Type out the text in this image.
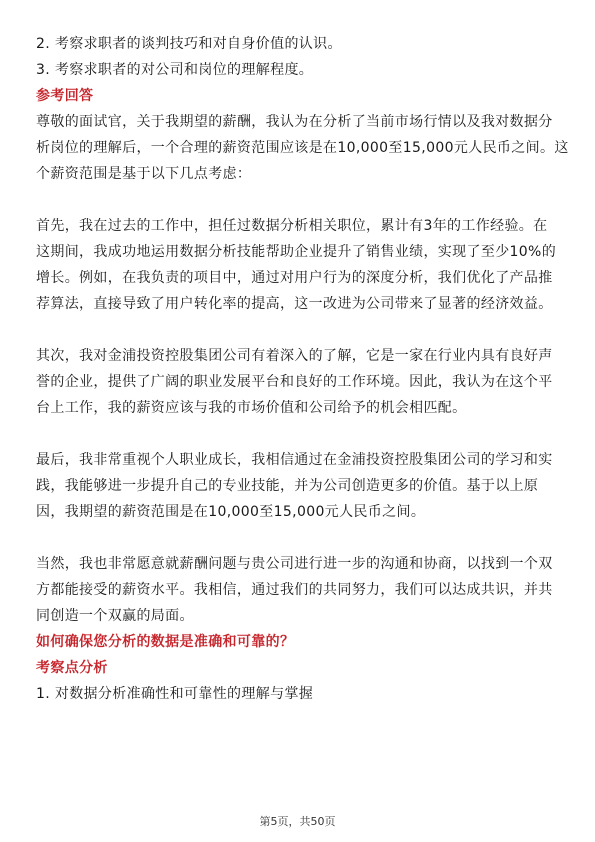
2. 考察求职者的谈判技巧和对自身价值的认识。

3. 考察求职者的对公司和岗位的理解程度。

参考回答

尊敬的面试官，关于我期望的薪酬，我认为在分析了当前市场行情以及我对数据分

析岗位的理解后，一个合理的薪资范围应该是在10,000至15,000元人民币之间。这

个薪资范围是基于以下几点考虑：

首先，我在过去的工作中，担任过数据分析相关职位，累计有3年的工作经验。在

这期间，我成功地运用数据分析技能帮助企业提升了销售业绩，实现了至少10%的

增长。例如，在我负责的项目中，通过对用户行为的深度分析，我们优化了产品推

荐算法，直接导致了用户转化率的提高，这一改进为公司带来了显著的经济效益。

其次，我对金浦投资控股集团公司有着深入的了解，它是一家在行业内具有良好声

誉的企业，提供了广阔的职业发展平台和良好的工作环境。因此，我认为在这个平

台上工作，我的薪资应该与我的市场价值和公司给予的机会相匹配。

最后，我非常重视个人职业成长，我相信通过在金浦投资控股集团公司的学习和实

践，我能够进一步提升自己的专业技能，并为公司创造更多的价值。基于以上原

因，我期望的薪资范围是在10,000至15,000元人民币之间。

当然，我也非常愿意就薪酬问题与贵公司进行进一步的沟通和协商，以找到一个双

方都能接受的薪资水平。我相信，通过我们的共同努力，我们可以达成共识，并共

同创造一个双赢的局面。

如何确保您分析的数据是准确和可靠的？

考察点分析

1. 对数据分析准确性和可靠性的理解与掌握

第5页，共50页
